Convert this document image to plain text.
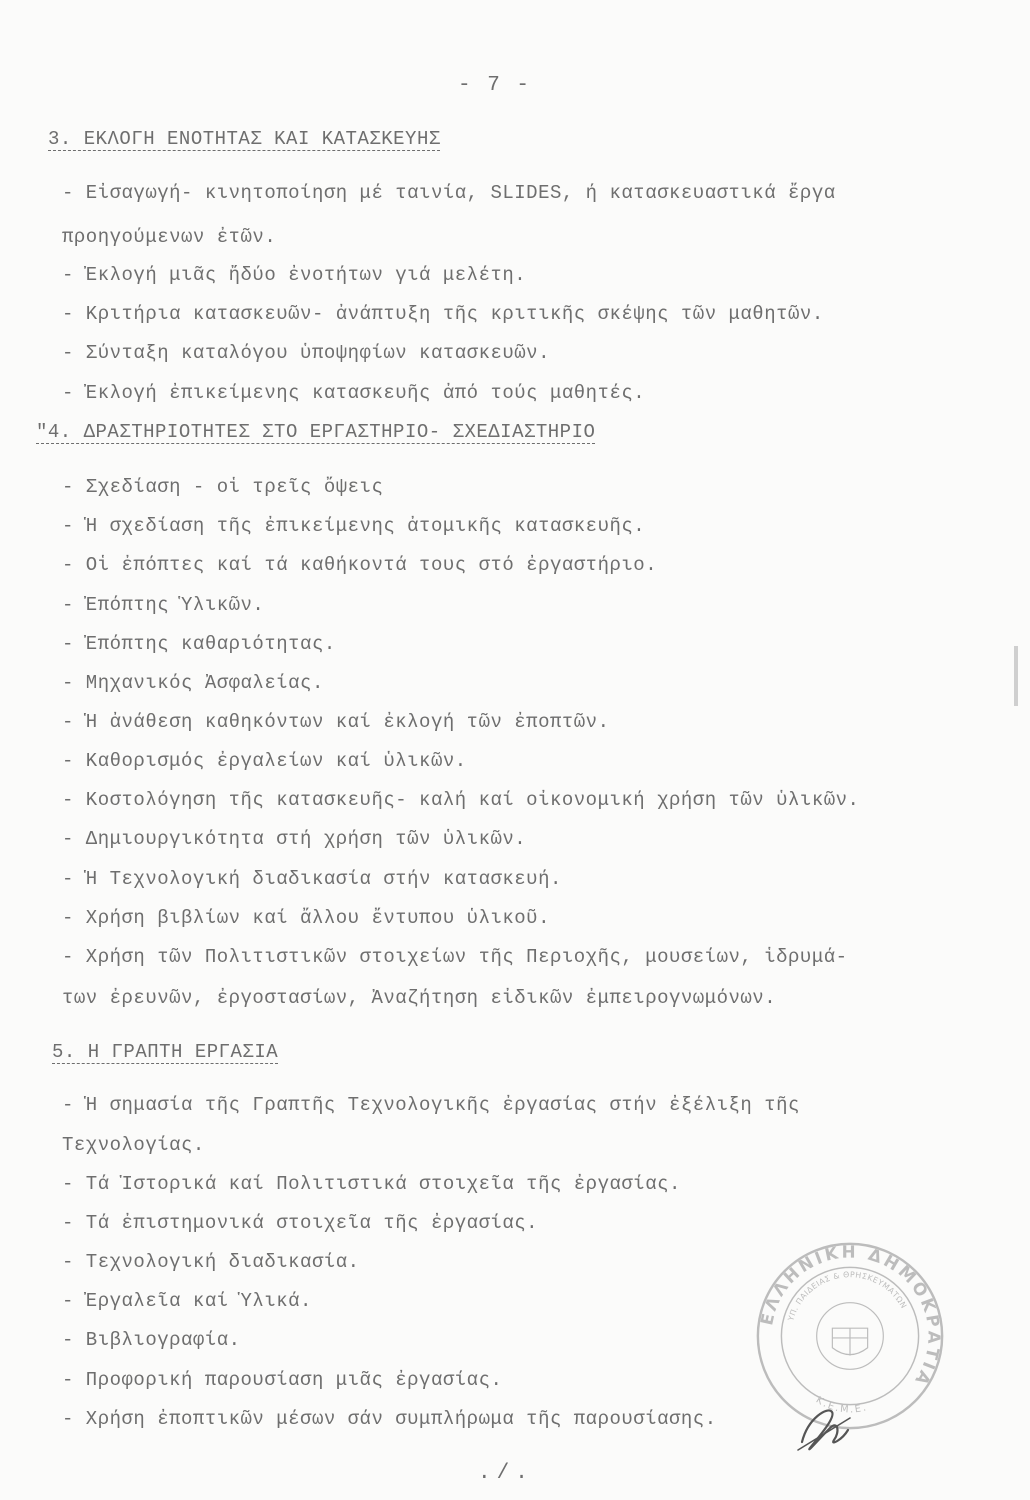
- 7 -
3. ΕΚΛΟΓΗ ΕΝΟΤΗΤΑΣ ΚΑΙ ΚΑΤΑΣΚΕΥΗΣ
- Εἰσαγωγή- κινητοποίηση μέ ταινία, SLIDES, ή κατασκευαστικά ἔργα
προηγούμενων ἐτῶν.
- Ἐκλογή μιᾶς ἤδύο ἐνοτήτων γιά μελέτη.
- Κριτήρια κατασκευῶν- ἀνάπτυξη τῆς κριτικῆς σκέψης τῶν μαθητῶν.
- Σύνταξη καταλόγου ὑποψηφίων κατασκευῶν.
- Ἐκλογή ἐπικείμενης κατασκευῆς ἀπό τούς μαθητές.
"4. ΔΡΑΣΤΗΡΙΟΤΗΤΕΣ ΣΤΟ ΕΡΓΑΣΤΗΡΙΟ- ΣΧΕΔΙΑΣΤΗΡΙΟ
- Σχεδίαση - οἱ τρεῖς ὄψεις
- Ἡ σχεδίαση τῆς ἐπικείμενης ἀτομικῆς κατασκευῆς.
- Οἱ ἐπόπτες καί τά καθήκοντά τους στό ἐργαστήριο.
- Ἐπόπτης Ὑλικῶν.
- Ἐπόπτης καθαριότητας.
- Μηχανικός Ἀσφαλείας.
- Ἡ ἀνάθεση καθηκόντων καί ἐκλογή τῶν ἐποπτῶν.
- Καθορισμός ἐργαλείων καί ὑλικῶν.
- Κοστολόγηση τῆς κατασκευῆς- καλή καί οἰκονομική χρήση τῶν ὑλικῶν.
- Δημιουργικότητα στή χρήση τῶν ὑλικῶν.
- Ἡ Τεχνολογική διαδικασία στήν κατασκευή.
- Χρήση βιβλίων καί ἄλλου ἔντυπου ὑλικοῦ.
- Χρήση τῶν Πολιτιστικῶν στοιχείων τῆς Περιοχῆς, μουσείων, ἱδρυμά-
των ἐρευνῶν, ἐργοστασίων, Ἀναζήτηση εἰδικῶν ἐμπειρογνωμόνων.
5. Η ΓΡΑΠΤΗ ΕΡΓΑΣΙΑ
- Ἡ σημασία τῆς Γραπτῆς Τεχνολογικῆς ἐργασίας στήν ἐξέλιξη τῆς
Τεχνολογίας.
- Τά Ἱστορικά καί Πολιτιστικά στοιχεῖα τῆς ἐργασίας.
- Τά ἐπιστημονικά στοιχεῖα τῆς ἐργασίας.
- Τεχνολογική διαδικασία.
- Ἐργαλεῖα καί Ὑλικά.
- Βιβλιογραφία.
- Προφορική παρουσίαση μιᾶς ἐργασίας.
- Χρήση ἐποπτικῶν μέσων σάν συμπλήρωμα τῆς παρουσίασης.
ΕΛΛΗΝΙΚΗ ΔΗΜΟΚΡΑΤΙΑ
ΥΠ. ΠΑΙΔΕΙΑΣ & ΘΡΗΣΚΕΥΜΑΤΩΝ
Κ.Ε.Μ.Ε.
./.
